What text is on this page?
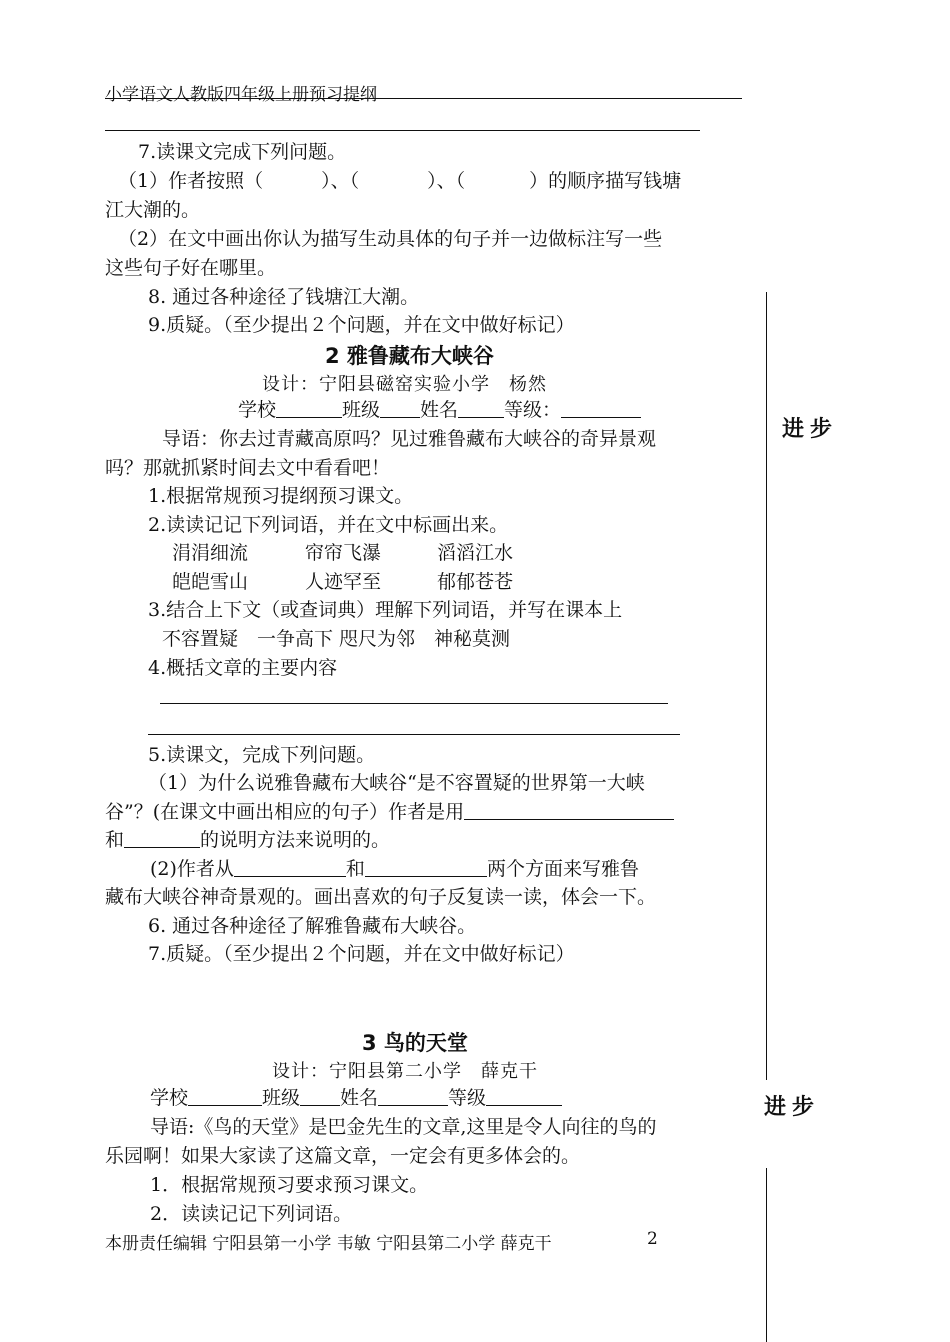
小学语文人教版四年级上册预习提纲
7.读课文完成下列问题。
（1）作者按照（	）、（	）、（	）的顺序描写钱塘
江大潮的。
（2）在文中画出你认为描写生动具体的句子并一边做标注写一些
这些句子好在哪里。
8. 通过各种途径了钱塘江大潮。
9.质疑。（至少提出２个问题，并在文中做好标记）
2 雅鲁藏布大峡谷
设计：宁阳县磁窑实验小学　杨然
学校	班级 姓名 等级：
导语：你去过青藏高原吗？见过雅鲁藏布大峡谷的奇异景观
吗？那就抓紧时间去文中看看吧！
1.根据常规预习提纲预习课文。
2.读读记记下列词语，并在文中标画出来。
涓涓细流	帘帘飞瀑	滔滔江水
皑皑雪山	人迹罕至	郁郁苍苍
3.结合上下文（或查词典）理解下列词语，并写在课本上
不容置疑　一争高下 咫尺为邻　神秘莫测
4.概括文章的主要内容
5.读课文，完成下列问题。
（1）为什么说雅鲁藏布大峡谷“是不容置疑的世界第一大峡
谷”？(在课文中画出相应的句子）作者是用
和	的说明方法来说明的。
(2)作者从	和	两个方面来写雅鲁
藏布大峡谷神奇景观的。画出喜欢的句子反复读一读，体会一下。
6. 通过各种途径了解雅鲁藏布大峡谷。
7.质疑。（至少提出２个问题，并在文中做好标记）
3 鸟的天堂
设计：宁阳县第二小学　薛克干
学校	班级 姓名	等级
导语:《鸟的天堂》是巴金先生的文章,这里是令人向往的鸟的
乐园啊！如果大家读了这篇文章，一定会有更多体会的。
1．根据常规预习要求预习课文。
2．读读记记下列词语。
进步
进步
本册责任编辑 宁阳县第一小学 韦敏 宁阳县第二小学 薛克干	2
